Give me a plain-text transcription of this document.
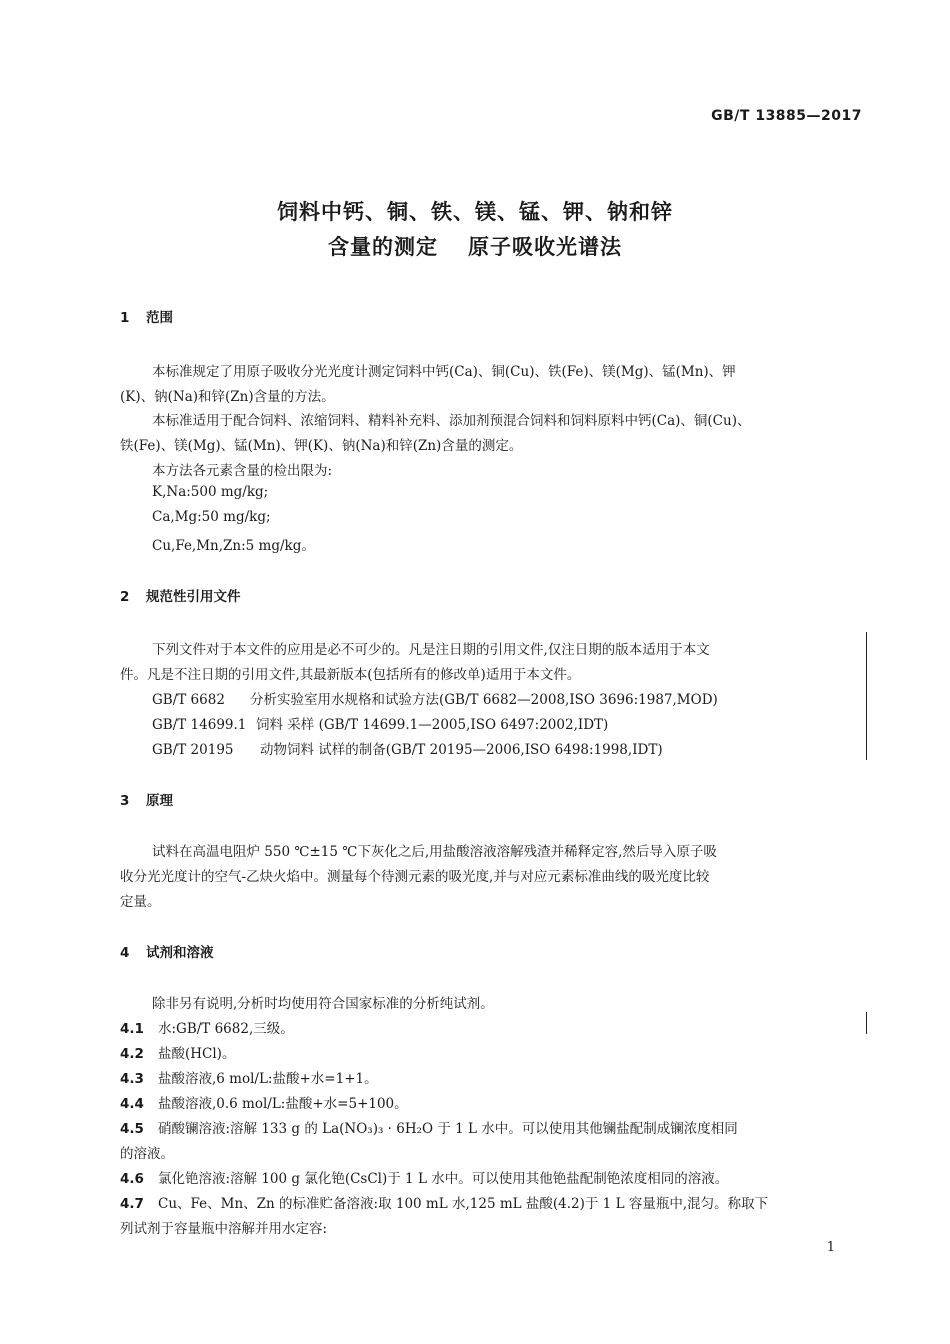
GB/T 13885—2017
饲料中钙、铜、铁、镁、锰、钾、钠和锌
含量的测定 原子吸收光谱法
1 范围
本标准规定了用原子吸收分光光度计测定饲料中钙(Ca)、铜(Cu)、铁(Fe)、镁(Mg)、锰(Mn)、钾
(K)、钠(Na)和锌(Zn)含量的方法。
本标准适用于配合饲料、浓缩饲料、精料补充料、添加剂预混合饲料和饲料原料中钙(Ca)、铜(Cu)、
铁(Fe)、镁(Mg)、锰(Mn)、钾(K)、钠(Na)和锌(Zn)含量的测定。
本方法各元素含量的检出限为:
K,Na:500 mg/kg;
Ca,Mg:50 mg/kg;
Cu,Fe,Mn,Zn:5 mg/kg。
2 规范性引用文件
下列文件对于本文件的应用是必不可少的。凡是注日期的引用文件,仅注日期的版本适用于本文
件。凡是不注日期的引用文件,其最新版本(包括所有的修改单)适用于本文件。
GB/T 6682 分析实验室用水规格和试验方法(GB/T 6682—2008,ISO 3696:1987,MOD)
GB/T 14699.1 饲料 采样 (GB/T 14699.1—2005,ISO 6497:2002,IDT)
GB/T 20195 动物饲料 试样的制备(GB/T 20195—2006,ISO 6498:1998,IDT)
3 原理
试料在高温电阻炉 550 ℃±15 ℃下灰化之后,用盐酸溶液溶解残渣并稀释定容,然后导入原子吸
收分光光度计的空气-乙炔火焰中。测量每个待测元素的吸光度,并与对应元素标准曲线的吸光度比较
定量。
4 试剂和溶液
除非另有说明,分析时均使用符合国家标准的分析纯试剂。
4.1 水:GB/T 6682,三级。
4.2 盐酸(HCl)。
4.3 盐酸溶液,6 mol/L:盐酸+水=1+1。
4.4 盐酸溶液,0.6 mol/L:盐酸+水=5+100。
4.5 硝酸镧溶液:溶解 133 g 的 La(NO₃)₃ · 6H₂O 于 1 L 水中。可以使用其他镧盐配制成镧浓度相同
的溶液。
4.6 氯化铯溶液:溶解 100 g 氯化铯(CsCl)于 1 L 水中。可以使用其他铯盐配制铯浓度相同的溶液。
4.7 Cu、Fe、Mn、Zn 的标准贮备溶液:取 100 mL 水,125 mL 盐酸(4.2)于 1 L 容量瓶中,混匀。称取下
列试剂于容量瓶中溶解并用水定容:
1
